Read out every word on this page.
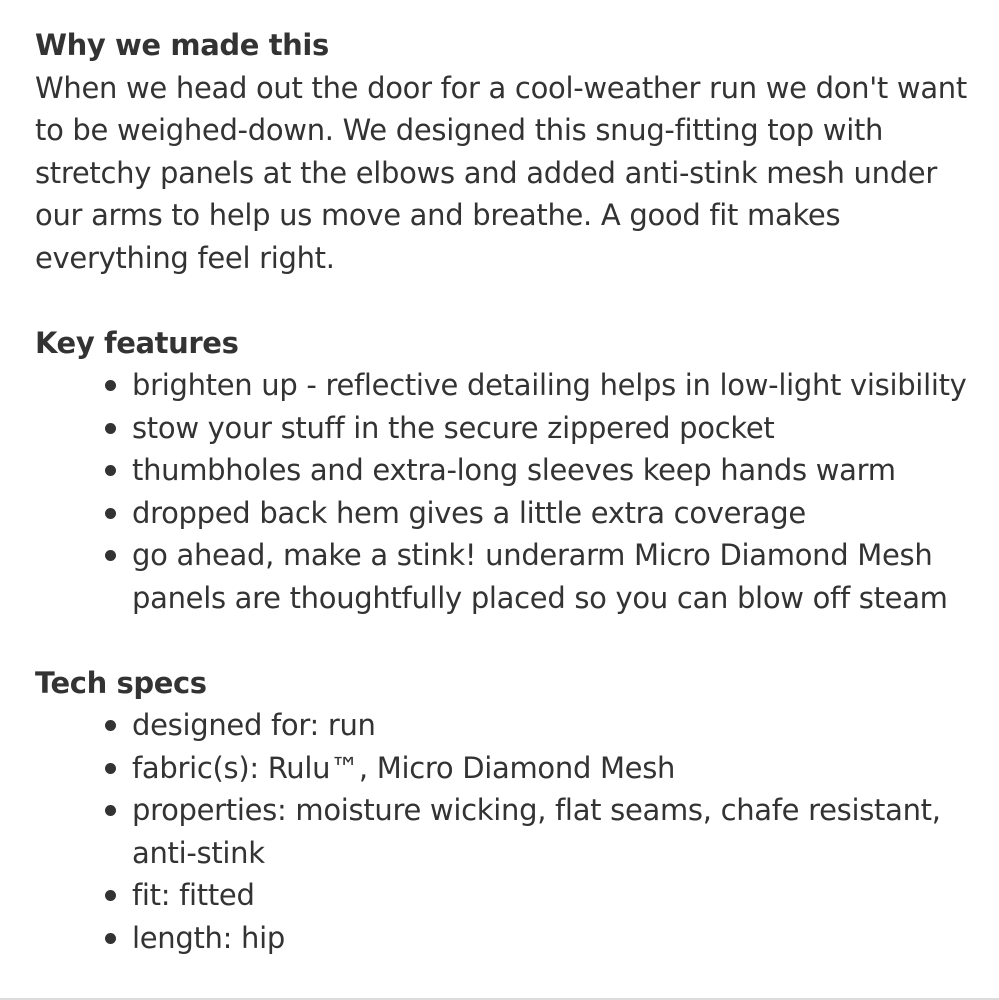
Why we made this

When we head out the door for a cool-weather run we don't want to be weighed-down. We designed this snug-fitting top with stretchy panels at the elbows and added anti-stink mesh under our arms to help us move and breathe. A good fit makes everything feel right.

Key features
brighten up - reflective detailing helps in low-light visibility
stow your stuff in the secure zippered pocket
thumbholes and extra-long sleeves keep hands warm
dropped back hem gives a little extra coverage
go ahead, make a stink! underarm Micro Diamond Mesh panels are thoughtfully placed so you can blow off steam
Tech specs
designed for: run
fabric(s): Rulu™, Micro Diamond Mesh
properties: moisture wicking, flat seams, chafe resistant, anti-stink
fit: fitted
length: hip
